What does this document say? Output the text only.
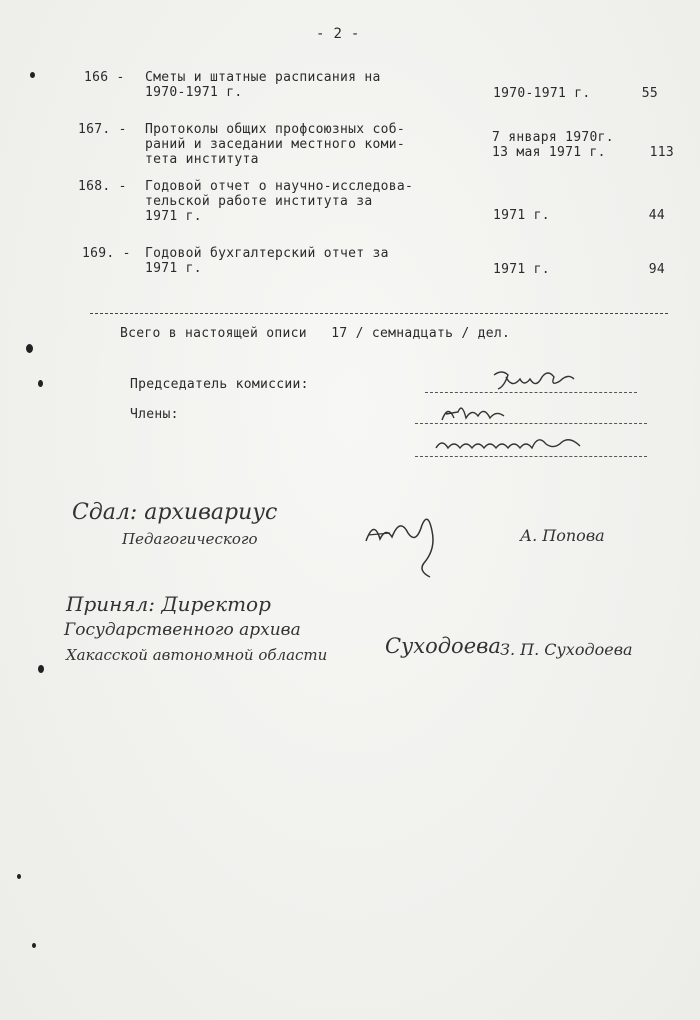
- 2 -
166 -	Сметы и штатные расписания на
1970-1971 г.	1970-1971 г.	55
167. -	Протоколы общих профсоюзных соб-
раний и заседании местного коми-
тета института
7 января 1970г.
13 мая 1971 г.	113
168. -	Годовой отчет о научно-исследова-
тельской работе института за
1971 г.	1971 г.	44
169. -	Годовой бухгалтерский отчет за
1971 г.	1971 г.	94
Всего в настоящей описи   17 / семнадцать / дел.
Председатель комиссии:
Члены:
Сдал: архивариус
Педагогического	А. Попова
Принял: Директор
Государственного архива
Хакасской автономной области	Суходоева З. П. Суходоева
